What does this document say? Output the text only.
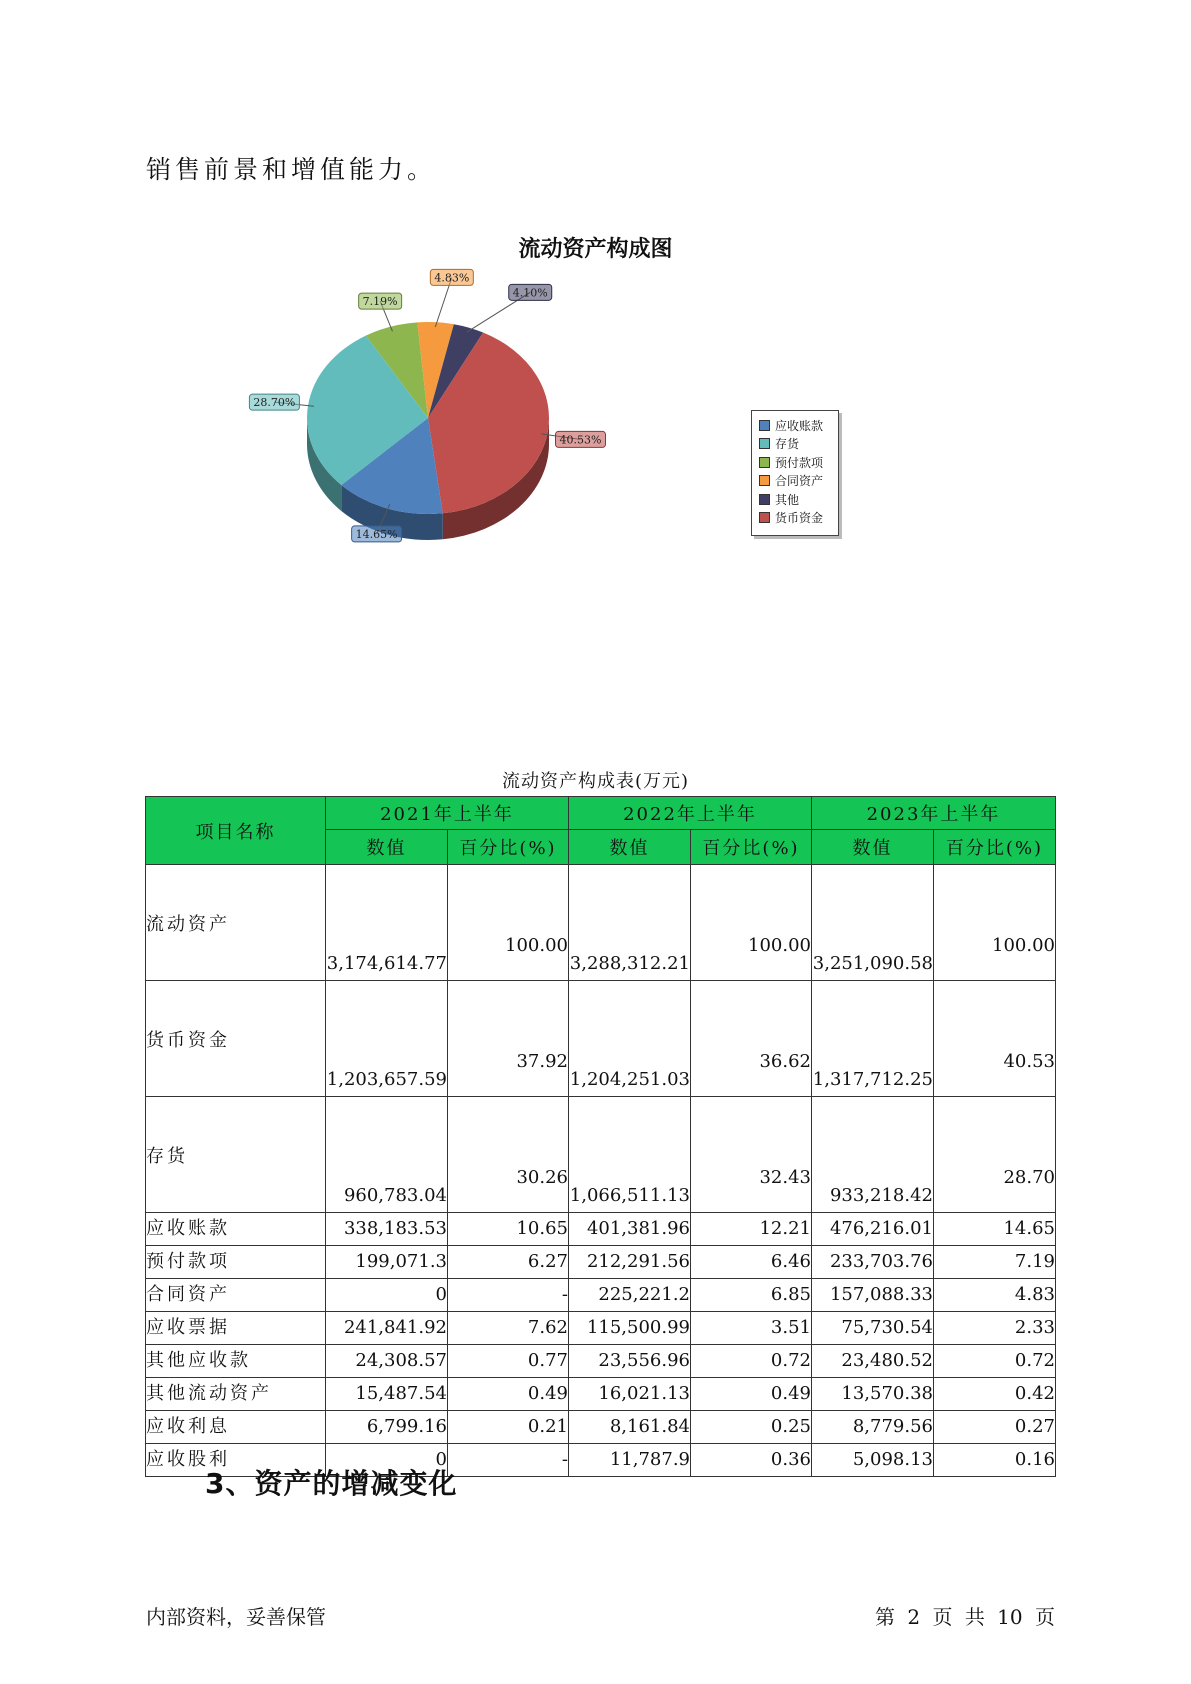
销售前景和增值能力。
7.19%
4.83%
4.10%
40.53%
14.65%
28.70%
流动资产构成图
应收账款
存货
预付款项
合同资产
其他
货币资金
流动资产构成表(万元)
项目名称	2021年上半年		2022年上半年		2023年上半年	
	数值	百分比(%)	数值	百分比(%)	数值	百分比(%)
流动资产	3,174,614.77	100.00	3,288,312.21	100.00	3,251,090.58	100.00
货币资金	1,203,657.59	37.92	1,204,251.03	36.62	1,317,712.25	40.53
存货	960,783.04	30.26	1,066,511.13	32.43	933,218.42	28.70
应收账款	338,183.53	10.65	401,381.96	12.21	476,216.01	14.65
预付款项	199,071.3	6.27	212,291.56	6.46	233,703.76	7.19
合同资产	0	-	225,221.2	6.85	157,088.33	4.83
应收票据	241,841.92	7.62	115,500.99	3.51	75,730.54	2.33
其他应收款	24,308.57	0.77	23,556.96	0.72	23,480.52	0.72
其他流动资产	15,487.54	0.49	16,021.13	0.49	13,570.38	0.42
应收利息	6,799.16	0.21	8,161.84	0.25	8,779.56	0.27
应收股利	0	-	11,787.9	0.36	5,098.13	0.16
3、资产的增减变化
内部资料，妥善保管	第 2 页 共 10 页
